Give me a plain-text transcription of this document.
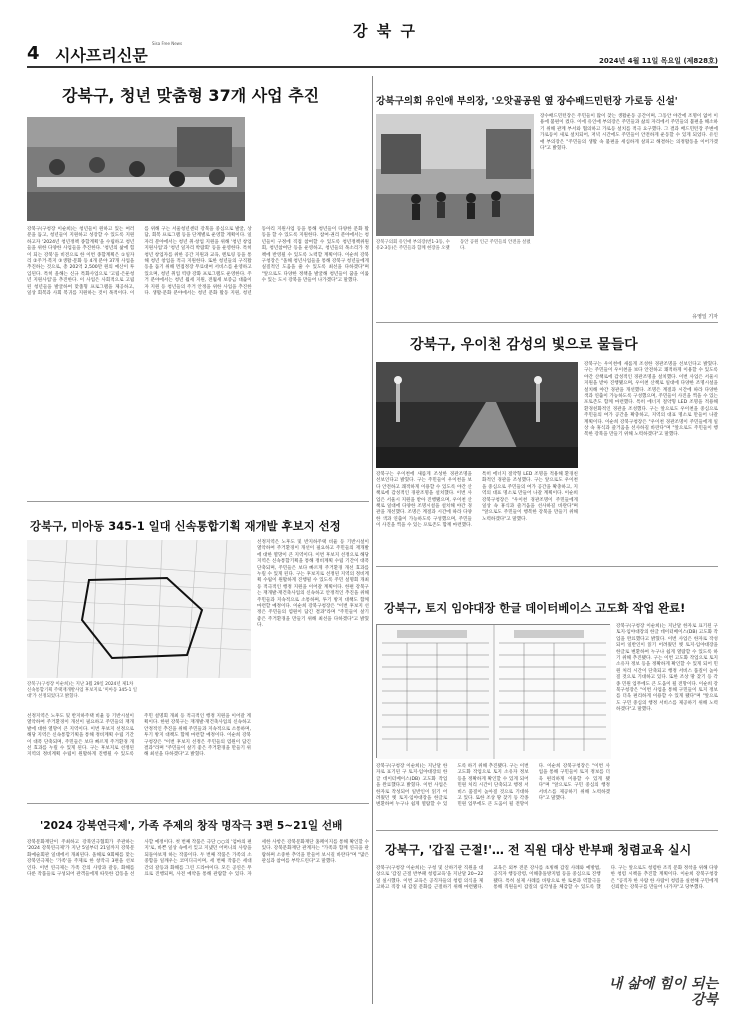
4 시사프리신문
Sisa Free News
강 북 구
2024년 4월 11일 목요일 (제828호)
강북구, 청년 맞춤형 37개 사업 추진
강북구(구청장 이순희)는 청년들이 원하고 있는 여러분을 돕고, 청년들이 지원하고 성장할 수 있도록 지원하고자 '2024년 청년정책 종합계획'을 수립하고 청년들을 위한 다양한 사업들을 추진한다. '청년의 삶에 힘이 되는 강북'을 비전으로 한 이번 종합계획은 ①일자리 ②주거·복지 ③생활·문화 등 4개 분야 37개 사업을 추진하는 것으로, 총 202억 2,500만 원의 예산이 투입된다. 특히 올해는 신규 특화사업으로 '고립·은둔청년 지원사업'을 추진한다. 이 사업은 사회적으로 고립된 청년들을 발굴하여 맞춤형 프로그램을 제공하고, 일상 회복과 사회 복귀를 지원하는 것이 목적이다. 이를 위해 구는 서울청년센터 강북을 중심으로 발굴, 상담, 회복 프로그램 등을 단계별로 운영할 계획이다. 일자리 분야에서는 청년 취·창업 지원을 위해 '청년 창업 지원사업'과 '청년 일자리 박람회' 등을 운영한다. 특히 청년 창업자를 위한 공간 지원과 교육, 멘토링 등을 통해 청년 창업을 적극 지원한다. 또한 청년들의 구직활동을 돕기 위해 면접정장 무료대여 서비스를 운영하고 있으며, 청년 취업 역량 강화 프로그램도 운영한다. 주거 분야에서는 청년 월세 지원, 전월세 보증금 대출이자 지원 등 청년들의 주거 안정을 위한 사업을 추진한다. 생활·문화 분야에서는 청년 문화 활동 지원, 청년 동아리 지원사업 등을 통해 청년들이 다양한 문화 활동을 할 수 있도록 지원한다. 참여·권리 분야에서는 청년들이 구정에 직접 참여할 수 있도록 청년정책위원회, 청년참여단 등을 운영하고, 청년들의 목소리가 정책에 반영될 수 있도록 노력할 계획이다. 이순희 강북구청장은 "올해 청년사업들을 통해 강북구 청년들에게 실질적인 도움을 줄 수 있도록 최선을 다하겠다"며 "앞으로도 다양한 정책을 발굴해 청년들이 꿈을 이룰 수 있는 도시 강북을 만들어 나가겠다"고 말했다.
강북구의회 유인애 부의장, '오앗골공원 옆 장수배드민턴장 가로등 신설'
강북구의회 유인애 부의장(번1-3동, 수유2·3동)은 주민들과 함께 현장을 오랫동안 공원 인근 주민들의 안전을 살폈다.
장수배드민턴장은 주민들이 많이 찾는 생활운동 공간이며, 그동안 야간에 조명이 없어 이용에 불편이 컸다. 이에 유인애 부의장은 주민들과 삶의 자리에서 주민들의 불편을 해소하기 위해 관계 부서와 협의하고 가로등 설치를 적극 요구했다. 그 결과 배드민턴장 주변에 가로등이 새로 설치되어, 저녁 시간에도 주민들이 안전하게 운동할 수 있게 되었다. 유인애 부의장은 "주민들의 생활 속 불편을 세심하게 살피고 해결하는 의정활동을 이어가겠다"고 밝혔다.
유영일 기자
강북구, 우이천 감성의 빛으로 물들다
강북구는 우이천에 새롭게 조성한 경관조명을 선보인다고 밝혔다. 구는 주민들이 우이천을 보다 안전하고 쾌적하게 이용할 수 있도록 야간 산책로에 감성적인 경관조명을 설치했다. 이번 사업은 서울시 지원을 받아 진행됐으며, 우이천 산책로 일대에 다양한 조명시설을 설치해 야간 경관을 개선했다. 조명은 계절과 시간에 따라 다양한 색과 연출이 가능하도록 구성했으며, 주민들이 사진을 찍을 수 있는 포토존도 함께 마련했다. 특히 에너지 절약형 LED 조명을 적용해 환경친화적인 경관을 조성했다. 구는 앞으로도 우이천을 중심으로 주민들의 여가 공간을 확충하고, 지역의 대표 명소로 만들어 나갈 계획이다. 이순희 강북구청장은 "우이천 경관조명이 주민들에게 일상 속 휴식과 즐거움을 선사하길 바란다"며 "앞으로도 주민들이 행복한 강북을 만들기 위해 노력하겠다"고 말했다.
강북구는 우이천에 새롭게 조성한 경관조명을 선보인다고 밝혔다. 구는 주민들이 우이천을 보다 안전하고 쾌적하게 이용할 수 있도록 야간 산책로에 감성적인 경관조명을 설치했다. 이번 사업은 서울시 지원을 받아 진행됐으며, 우이천 산책로 일대에 다양한 조명시설을 설치해 야간 경관을 개선했다. 조명은 계절과 시간에 따라 다양한 색과 연출이 가능하도록 구성했으며, 주민들이 사진을 찍을 수 있는 포토존도 함께 마련했다. 특히 에너지 절약형 LED 조명을 적용해 환경친화적인 경관을 조성했다. 구는 앞으로도 우이천을 중심으로 주민들의 여가 공간을 확충하고, 지역의 대표 명소로 만들어 나갈 계획이다. 이순희 강북구청장은 "우이천 경관조명이 주민들에게 일상 속 휴식과 즐거움을 선사하길 바란다"며 "앞으로도 주민들이 행복한 강북을 만들기 위해 노력하겠다"고 말했다.
강북구, 미아동 345-1 일대 신속통합기획 재개발 후보지 선정
강북구(구청장 이순희)는 지난 3월 29일 2024년 제1차 신속통합기획 주택재개발사업 후보지로 '미아동 345-1 일대'가 선정되었다고 밝혔다.
선정지역은 노후도 및 반지하주택 비율 등 기반시설이 열악하여 주거환경이 개선이 필요하고 주민들의 재개발에 대한 열망이 큰 지역이다. 이번 후보지 선정으로 해당 지역은 신속통합기획을 통해 정비계획 수립 기간이 대폭 단축되며, 주민들은 보다 빠르게 주거환경 개선 효과를 누릴 수 있게 된다. 구는 후보지로 선정된 지역의 정비계획 수립이 원활하게 진행될 수 있도록 주민 설명회 개최 등 적극적인 행정 지원을 이어갈 계획이다. 한편 강북구는 재개발·재건축사업의 신속하고 안정적인 추진을 위해 주민들과 지속적으로 소통하며, 투기 방지 대책도 함께 마련할 예정이다. 이순희 강북구청장은 "이번 후보지 선정은 주민들의 염원이 담긴 결과"라며 "주민들이 살기 좋은 주거환경을 만들기 위해 최선을 다하겠다"고 밝혔다.
선정지역은 노후도 및 반지하주택 비율 등 기반시설이 열악하여 주거환경이 개선이 필요하고 주민들의 재개발에 대한 열망이 큰 지역이다. 이번 후보지 선정으로 해당 지역은 신속통합기획을 통해 정비계획 수립 기간이 대폭 단축되며, 주민들은 보다 빠르게 주거환경 개선 효과를 누릴 수 있게 된다. 구는 후보지로 선정된 지역의 정비계획 수립이 원활하게 진행될 수 있도록 주민 설명회 개최 등 적극적인 행정 지원을 이어갈 계획이다. 한편 강북구는 재개발·재건축사업의 신속하고 안정적인 추진을 위해 주민들과 지속적으로 소통하며, 투기 방지 대책도 함께 마련할 예정이다. 이순희 강북구청장은 "이번 후보지 선정은 주민들의 염원이 담긴 결과"라며 "주민들이 살기 좋은 주거환경을 만들기 위해 최선을 다하겠다"고 밝혔다.
강북구, 토지 임야대장 한글 데이터베이스 고도화 작업 완료!
강북구(구청장 이순희)는 지난달 한자로 표기된 구 토지·임야대장의 한글 데이터베이스(DB) 고도화 작업을 완료했다고 밝혔다. 이번 사업은 한자로 작성되어 일반인이 읽기 어려웠던 옛 토지·임야대장을 한글로 변환하여 누구나 쉽게 열람할 수 있도록 하기 위해 추진됐다. 구는 이번 고도화 작업으로 토지 소유자 정보 등을 정확하게 확인할 수 있게 되어 민원 처리 시간이 단축되고 행정 서비스 품질이 높아질 것으로 기대하고 있다. 또한 조상 땅 찾기 등 각종 민원 업무에도 큰 도움이 될 전망이다. 이순희 강북구청장은 "이번 사업을 통해 구민들이 토지 정보를 더욱 편리하게 이용할 수 있게 됐다"며 "앞으로도 구민 중심의 행정 서비스를 제공하기 위해 노력하겠다"고 말했다.
강북구(구청장 이순희)는 지난달 한자로 표기된 구 토지·임야대장의 한글 데이터베이스(DB) 고도화 작업을 완료했다고 밝혔다. 이번 사업은 한자로 작성되어 일반인이 읽기 어려웠던 옛 토지·임야대장을 한글로 변환하여 누구나 쉽게 열람할 수 있도록 하기 위해 추진됐다. 구는 이번 고도화 작업으로 토지 소유자 정보 등을 정확하게 확인할 수 있게 되어 민원 처리 시간이 단축되고 행정 서비스 품질이 높아질 것으로 기대하고 있다. 또한 조상 땅 찾기 등 각종 민원 업무에도 큰 도움이 될 전망이다. 이순희 강북구청장은 "이번 사업을 통해 구민들이 토지 정보를 더욱 편리하게 이용할 수 있게 됐다"며 "앞으로도 구민 중심의 행정 서비스를 제공하기 위해 노력하겠다"고 말했다.
'2024 강북연극제', 가족 주제의 창작 명작극 3편 5~21일 선배
강북문화재단이 주최하고 강북연극협회가 주관하는 '2024 강북연극제'가 지난 5일부터 21일까지 강북문화예술회관 일대에서 개최된다. 올해로 9회째를 맞는 강북연극제는 '가족'을 주제로 한 창작극 3편을 선보인다. 이번 연극제는 가족 간의 사랑과 갈등, 화해를 다룬 작품들로 구성되어 관객들에게 따뜻한 감동을 선사할 예정이다. 첫 번째 작품은 극단 ○○의 '엄마의 편지'로, 바쁜 일상 속에서 잊고 지냈던 어머니의 사랑을 되돌아보게 하는 작품이다. 두 번째 작품은 가족의 소중함을 일깨우는 코미디극이며, 세 번째 작품은 세대 간의 갈등과 화해를 그린 드라마이다. 모든 공연은 무료로 진행되며, 사전 예약을 통해 관람할 수 있다. 자세한 사항은 강북문화재단 홈페이지를 통해 확인할 수 있다. 강북문화재단 관계자는 "가족과 함께 연극을 관람하며 소중한 추억을 만들어 보시길 바란다"며 "많은 관심과 참여를 부탁드린다"고 말했다.
강북구, '갑질 근절!'… 전 직원 대상 반부패 청렴교육 실시
강북구(구청장 이순희)는 구청 및 산하기관 직원을 대상으로 '갑질 근절 반부패 청렴교육'을 지난달 20~22일 실시했다. 이번 교육은 공직자들의 청렴 의식을 제고하고 직장 내 갑질 문화를 근절하기 위해 마련됐다. 교육은 외부 전문 강사를 초빙해 갑질 사례와 예방법, 공직자 행동강령, 이해충돌방지법 등을 중심으로 진행됐다. 특히 실제 사례를 바탕으로 한 토론과 역할극을 통해 직원들이 갑질의 심각성을 체감할 수 있도록 했다. 구는 앞으로도 청렴한 조직 문화 정착을 위해 다양한 청렴 시책을 추진할 계획이다. 이순희 강북구청장은 "공직자 한 사람 한 사람이 청렴을 실천해 구민에게 신뢰받는 강북구를 만들어 나가자"고 당부했다.
내 삶에 힘이 되는 강북
